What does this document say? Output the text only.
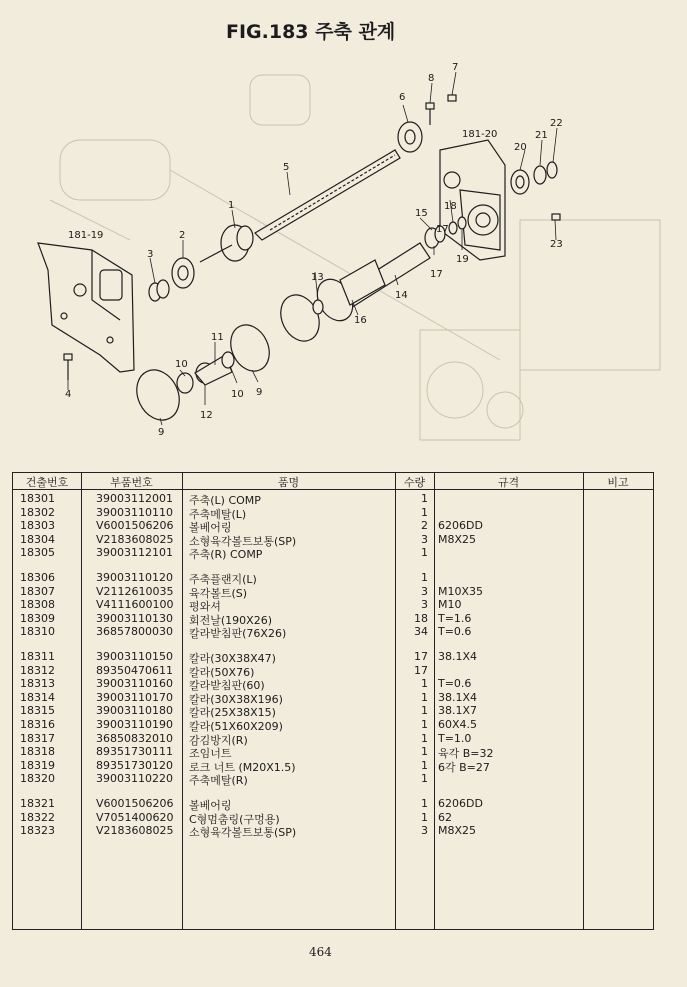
FIG.183 주축 관계
1
2
3
4
5
6
7
8
9
9
10
10
11
12
13
14
15
16
17
17
18
19
20
21
22
23
181-19
181-20
건출번호	부품번호	품명	수량	규격	비고
18301	39003112001 주축(L) COMP	1
18302	39003110110 주축메탈(L)	1
18303	V6001506206 볼베어링	2 6206DD
18304	V2183608025 소형육각볼트보통(SP)	3 M8X25
18305	39003112101 주축(R) COMP	1
18306	39003110120 주축플랜지(L)	1
18307	V2112610035 육각볼트(S)	3 M10X35
18308	V4111600100 평와셔	3 M10
18309	39003110130 회전날(190X26)	18 T=1.6
18310	36857800030 칼라받침판(76X26)	34 T=0.6
18311	39003110150 칼라(30X38X47)	17 38.1X4
18312	89350470611 칼라(50X76)	17
18313	39003110160 칼라받침판(60)	1 T=0.6
18314	39003110170 칼라(30X38X196)	1 38.1X4
18315	39003110180 칼라(25X38X15)	1 38.1X7
18316	39003110190 칼라(51X60X209)	1 60X4.5
18317	36850832010 감김방지(R)	1 T=1.0
18318	89351730111 조임너트	1 육각 B=32
18319	89351730120 로크 너트 (M20X1.5)	1 6각 B=27
18320	39003110220 주축메탈(R)	1
18321	V6001506206 볼베어링	1 6206DD
18322	V7051400620 C형멈춤링(구멍용)	1 62
18323	V2183608025 소형육각볼트보통(SP)	3 M8X25
464
